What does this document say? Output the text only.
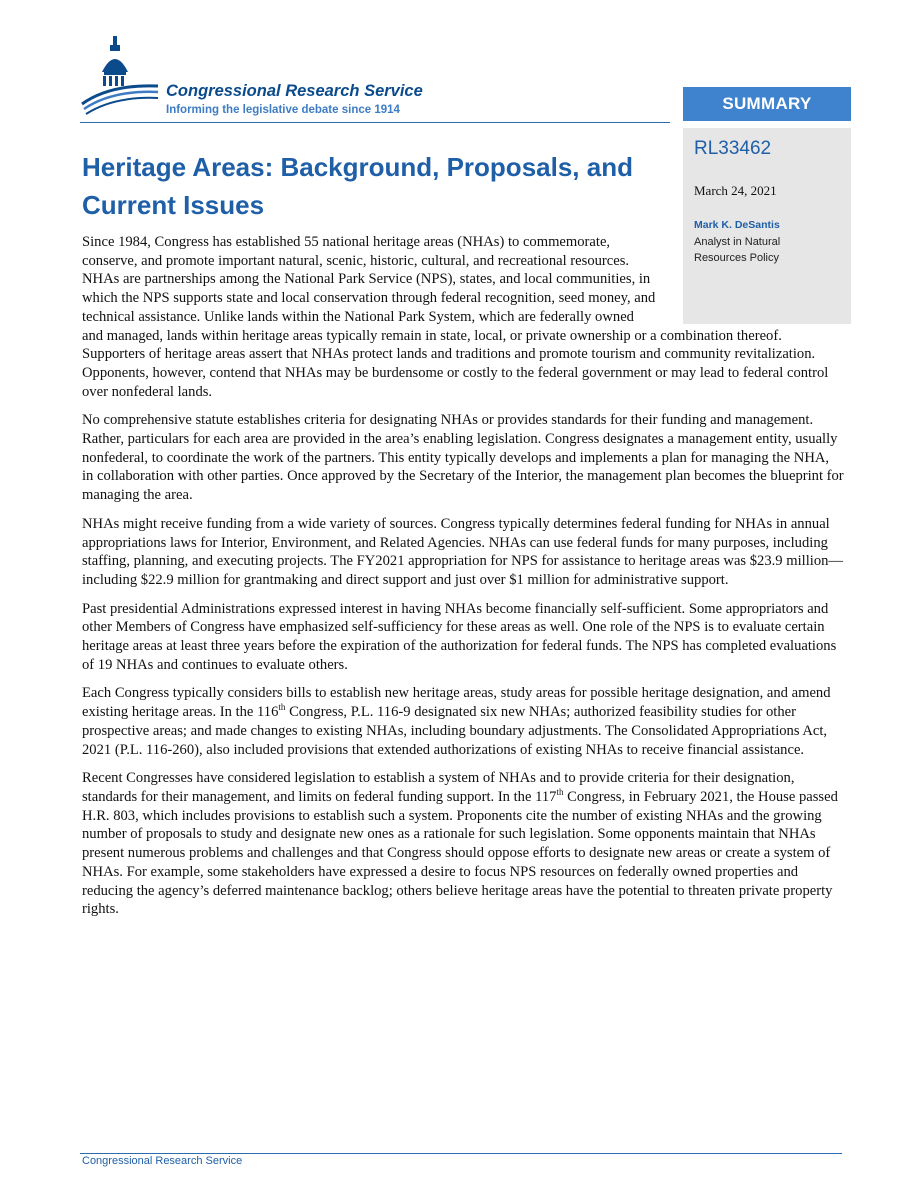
Congressional Research Service

Informing the legislative debate since 1914	SUMMARY

RL33462

March 24, 2021

Mark K. DeSantis

Analyst in Natural Resources Policy

Heritage Areas: Background, Proposals, and Current Issues

Since 1984, Congress has established 55 national heritage areas (NHAs) to commemorate, conserve, and promote important natural, scenic, historic, cultural, and recreational resources. NHAs are partnerships among the National Park Service (NPS), states, and local communities, in which the NPS supports state and local conservation through federal recognition, seed money, and technical assistance. Unlike lands within the National Park System, which are federally owned and managed, lands within heritage areas typically remain in state, local, or private ownership or a combination thereof. Supporters of heritage areas assert that NHAs protect lands and traditions and promote tourism and community revitalization. Opponents, however, contend that NHAs may be burdensome or costly to the federal government or may lead to federal control over nonfederal lands.

No comprehensive statute establishes criteria for designating NHAs or provides standards for their funding and management. Rather, particulars for each area are provided in the area’s enabling legislation. Congress designates a management entity, usually nonfederal, to coordinate the work of the partners. This entity typically develops and implements a plan for managing the NHA, in collaboration with other parties. Once approved by the Secretary of the Interior, the management plan becomes the blueprint for managing the area.

NHAs might receive funding from a wide variety of sources. Congress typically determines federal funding for NHAs in annual appropriations laws for Interior, Environment, and Related Agencies. NHAs can use federal funds for many purposes, including staffing, planning, and executing projects. The FY2021 appropriation for NPS for assistance to heritage areas was $23.9 million—including $22.9 million for grantmaking and direct support and just over $1 million for administrative support.

Past presidential Administrations expressed interest in having NHAs become financially self-sufficient. Some appropriators and other Members of Congress have emphasized self-sufficiency for these areas as well. One role of the NPS is to evaluate certain heritage areas at least three years before the expiration of the authorization for federal funds. The NPS has completed evaluations of 19 NHAs and continues to evaluate others.

Each Congress typically considers bills to establish new heritage areas, study areas for possible heritage designation, and amend existing heritage areas. In the 116th Congress, P.L. 116-9 designated six new NHAs; authorized feasibility studies for other prospective areas; and made changes to existing NHAs, including boundary adjustments. The Consolidated Appropriations Act, 2021 (P.L. 116-260), also included provisions that extended authorizations of existing NHAs to receive financial assistance.

Recent Congresses have considered legislation to establish a system of NHAs and to provide criteria for their designation, standards for their management, and limits on federal funding support. In the 117th Congress, in February 2021, the House passed H.R. 803, which includes provisions to establish such a system. Proponents cite the number of existing NHAs and the growing number of proposals to study and designate new ones as a rationale for such legislation. Some opponents maintain that NHAs present numerous problems and challenges and that Congress should oppose efforts to designate new areas or create a system of NHAs. For example, some stakeholders have expressed a desire to focus NPS resources on federally owned properties and reducing the agency’s deferred maintenance backlog; others believe heritage areas have the potential to threaten private property rights.

Congressional Research Service
